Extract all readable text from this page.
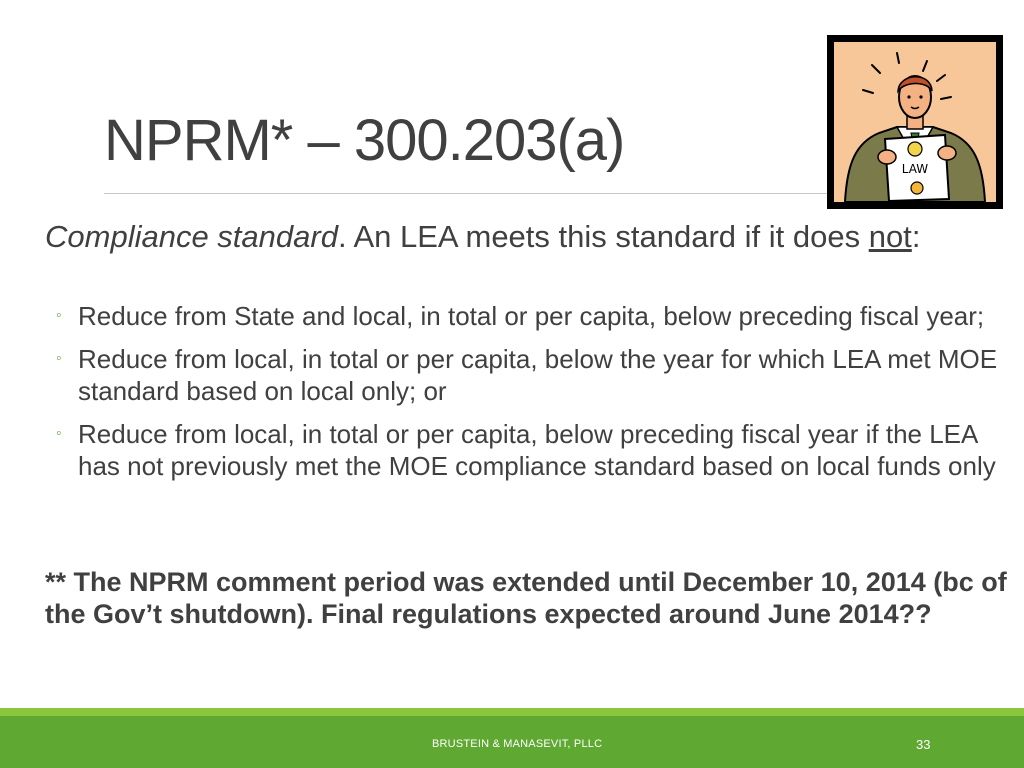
NPRM* – 300.203(a)	LAW
Compliance standard. An LEA meets this standard if it does not:
◦ Reduce from State and local, in total or per capita, below preceding fiscal year;
◦ Reduce from local, in total or per capita, below the year for which LEA met MOE standard based on local only; or
◦ Reduce from local, in total or per capita, below preceding fiscal year if the LEA has not previously met the MOE compliance standard based on local funds only
** The NPRM comment period was extended until December 10, 2014 (bc of the Gov’t shutdown). Final regulations expected around June 2014??
BRUSTEIN & MANASEVIT, PLLC	33
